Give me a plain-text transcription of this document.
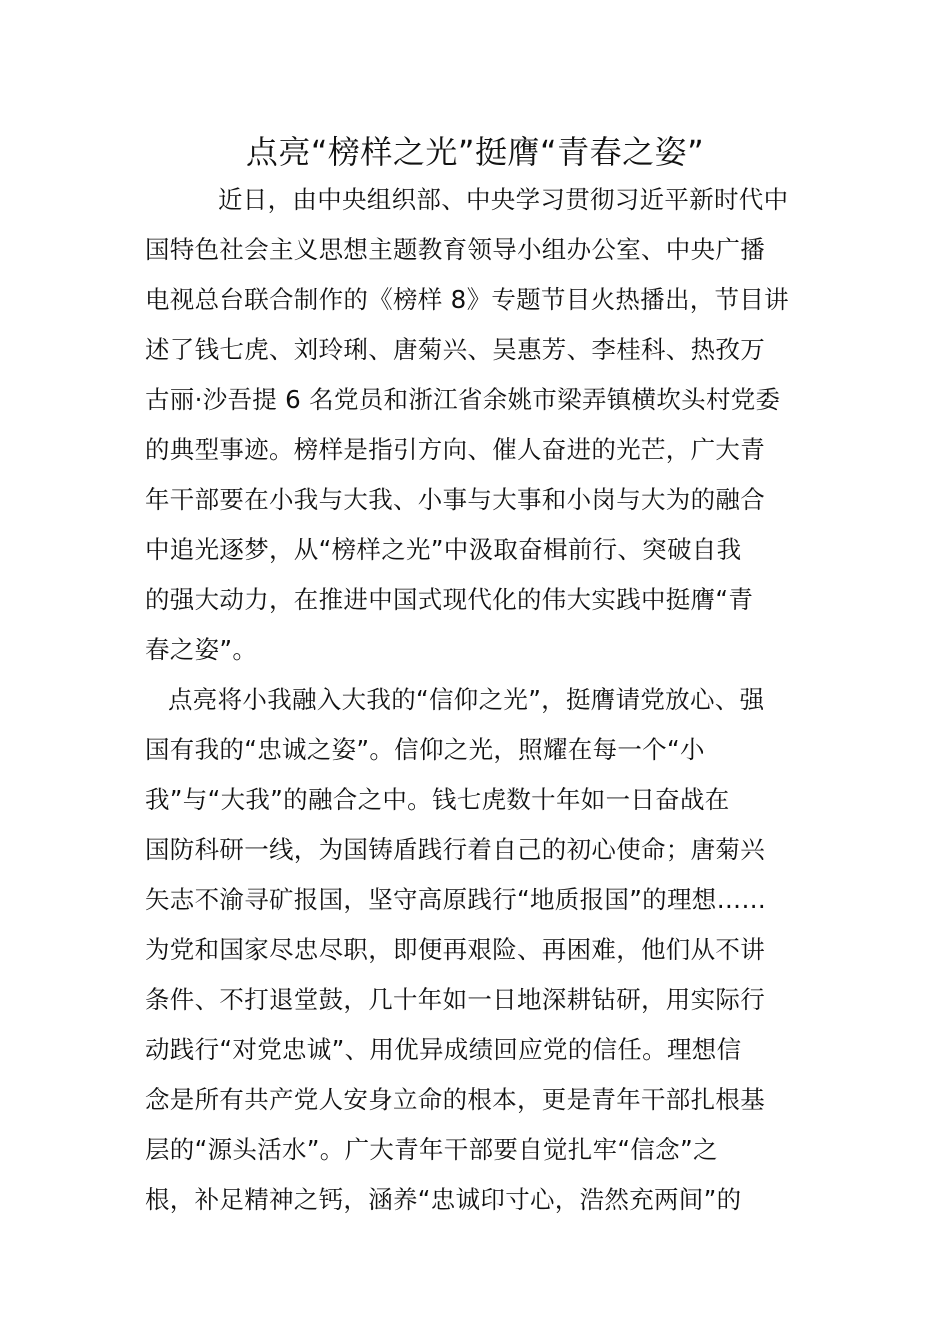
点亮“榜样之光”挺膺“青春之姿”
近日，由中央组织部、中央学习贯彻习近平新时代中
国特色社会主义思想主题教育领导小组办公室、中央广播
电视总台联合制作的《榜样 8》专题节目火热播出，节目讲
述了钱七虎、刘玲琍、唐菊兴、吴惠芳、李桂科、热孜万
古丽·沙吾提 6 名党员和浙江省余姚市梁弄镇横坎头村党委
的典型事迹。榜样是指引方向、催人奋进的光芒，广大青
年干部要在小我与大我、小事与大事和小岗与大为的融合
中追光逐梦，从“榜样之光”中汲取奋楫前行、突破自我
的强大动力，在推进中国式现代化的伟大实践中挺膺“青
春之姿”。
点亮将小我融入大我的“信仰之光”，挺膺请党放心、强
国有我的“忠诚之姿”。信仰之光，照耀在每一个“小
我”与“大我”的融合之中。钱七虎数十年如一日奋战在
国防科研一线，为国铸盾践行着自己的初心使命；唐菊兴
矢志不渝寻矿报国，坚守高原践行“地质报国”的理想……
为党和国家尽忠尽职，即便再艰险、再困难，他们从不讲
条件、不打退堂鼓，几十年如一日地深耕钻研，用实际行
动践行“对党忠诚”、用优异成绩回应党的信任。理想信
念是所有共产党人安身立命的根本，更是青年干部扎根基
层的“源头活水”。广大青年干部要自觉扎牢“信念”之
根，补足精神之钙，涵养“忠诚印寸心，浩然充两间”的
